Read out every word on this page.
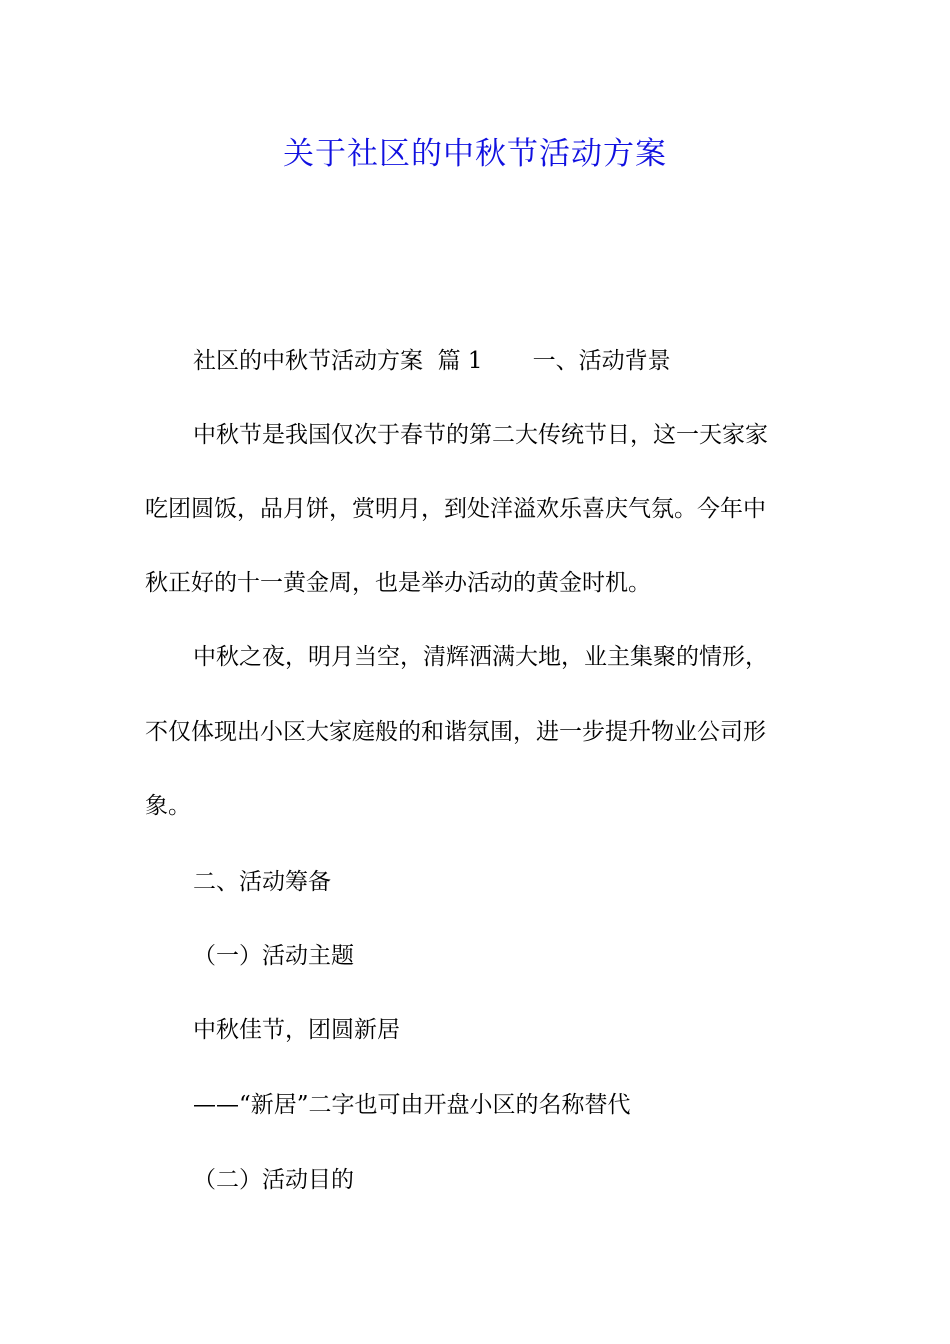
关于社区的中秋节活动方案

社区的中秋节活动方案  篇 1 一、活动背景

中秋节是我国仅次于春节的第二大传统节日，这一天家家

吃团圆饭，品月饼，赏明月，到处洋溢欢乐喜庆气氛。今年中

秋正好的十一黄金周，也是举办活动的黄金时机。

中秋之夜，明月当空，清辉洒满大地，业主集聚的情形，

不仅体现出小区大家庭般的和谐氛围，进一步提升物业公司形

象。

二、活动筹备

（一）活动主题

中秋佳节，团圆新居

——“新居”二字也可由开盘小区的名称替代

（二）活动目的
